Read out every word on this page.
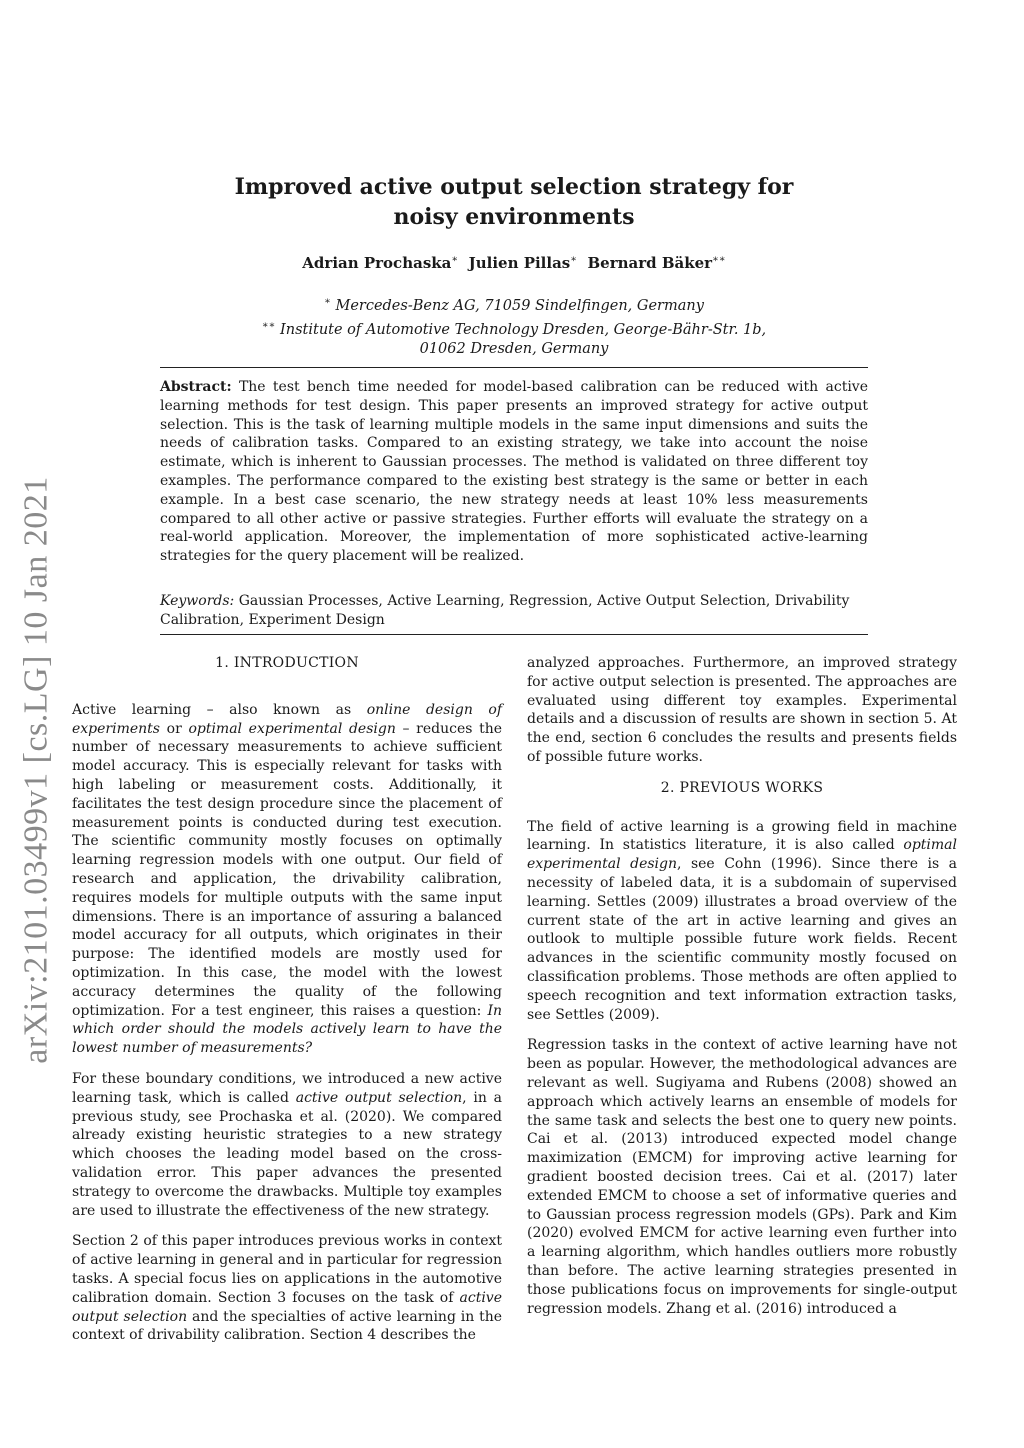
arXiv:2101.03499v1 [cs.LG] 10 Jan 2021
Improved active output selection strategy for
noisy environments
Adrian Prochaska∗ Julien Pillas∗ Bernard Bäker∗∗
∗ Mercedes-Benz AG, 71059 Sindelfingen, Germany
∗∗ Institute of Automotive Technology Dresden, George-Bähr-Str. 1b,
01062 Dresden, Germany
Abstract: The test bench time needed for model-based calibration can be reduced with active learning methods for test design. This paper presents an improved strategy for active output selection. This is the task of learning multiple models in the same input dimensions and suits the needs of calibration tasks. Compared to an existing strategy, we take into account the noise estimate, which is inherent to Gaussian processes. The method is validated on three different toy examples. The performance compared to the existing best strategy is the same or better in each example. In a best case scenario, the new strategy needs at least 10% less measurements compared to all other active or passive strategies. Further efforts will evaluate the strategy on a real-world application. Moreover, the implementation of more sophisticated active-learning strategies for the query placement will be realized.
Keywords: Gaussian Processes, Active Learning, Regression, Active Output Selection, Drivability Calibration, Experiment Design
1. INTRODUCTION

Active learning – also known as online design of experiments or optimal experimental design – reduces the number of necessary measurements to achieve sufficient model accuracy. This is especially relevant for tasks with high labeling or measurement costs. Additionally, it facilitates the test design procedure since the placement of measurement points is conducted during test execution. The scientific community mostly focuses on optimally learning regression models with one output. Our field of research and application, the drivability calibration, requires models for multiple outputs with the same input dimensions. There is an importance of assuring a balanced model accuracy for all outputs, which originates in their purpose: The identified models are mostly used for optimization. In this case, the model with the lowest accuracy determines the quality of the following optimization. For a test engineer, this raises a question: In which order should the models actively learn to have the lowest number of measurements?

For these boundary conditions, we introduced a new active learning task, which is called active output selection, in a previous study, see Prochaska et al. (2020). We compared already existing heuristic strategies to a new strategy which chooses the leading model based on the cross-validation error. This paper advances the presented strategy to overcome the drawbacks. Multiple toy examples are used to illustrate the effectiveness of the new strategy.

Section 2 of this paper introduces previous works in context of active learning in general and in particular for regression tasks. A special focus lies on applications in the automotive calibration domain. Section 3 focuses on the task of active output selection and the specialties of active learning in the context of drivability calibration. Section 4 describes the

analyzed approaches. Furthermore, an improved strategy for active output selection is presented. The approaches are evaluated using different toy examples. Experimental details and a discussion of results are shown in section 5. At the end, section 6 concludes the results and presents fields of possible future works.

2. PREVIOUS WORKS

The field of active learning is a growing field in machine learning. In statistics literature, it is also called optimal experimental design, see Cohn (1996). Since there is a necessity of labeled data, it is a subdomain of supervised learning. Settles (2009) illustrates a broad overview of the current state of the art in active learning and gives an outlook to multiple possible future work fields. Recent advances in the scientific community mostly focused on classification problems. Those methods are often applied to speech recognition and text information extraction tasks, see Settles (2009).

Regression tasks in the context of active learning have not been as popular. However, the methodological advances are relevant as well. Sugiyama and Rubens (2008) showed an approach which actively learns an ensemble of models for the same task and selects the best one to query new points. Cai et al. (2013) introduced expected model change maximization (EMCM) for improving active learning for gradient boosted decision trees. Cai et al. (2017) later extended EMCM to choose a set of informative queries and to Gaussian process regression models (GPs). Park and Kim (2020) evolved EMCM for active learning even further into a learning algorithm, which handles outliers more robustly than before. The active learning strategies presented in those publications focus on improvements for single-output regression models. Zhang et al. (2016) introduced a
